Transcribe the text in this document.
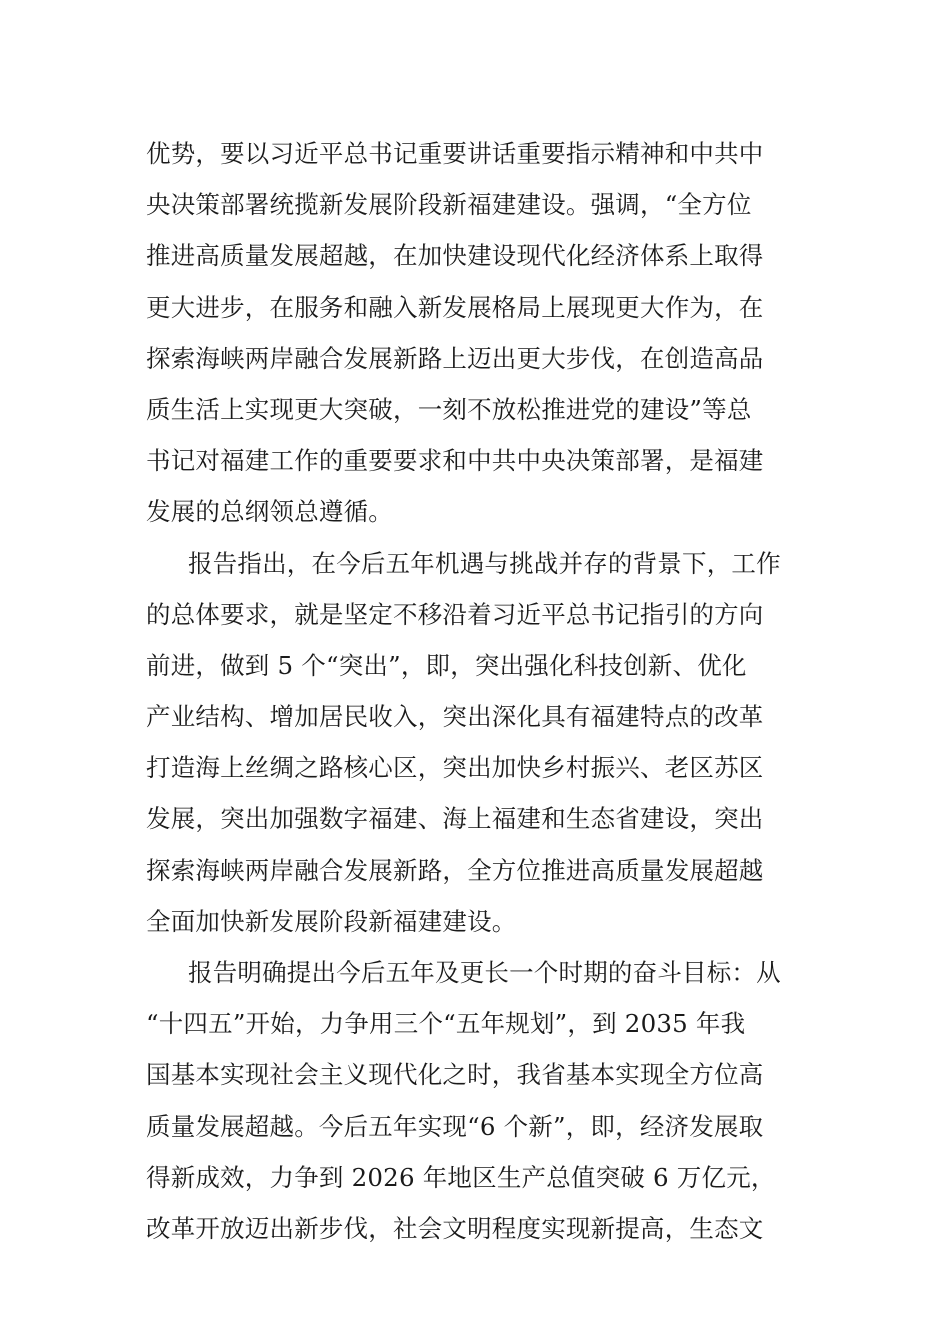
优势，要以习近平总书记重要讲话重要指示精神和中共中
央决策部署统揽新发展阶段新福建建设。强调，“全方位
推进高质量发展超越，在加快建设现代化经济体系上取得
更大进步，在服务和融入新发展格局上展现更大作为，在
探索海峡两岸融合发展新路上迈出更大步伐，在创造高品
质生活上实现更大突破，一刻不放松推进党的建设”等总
书记对福建工作的重要要求和中共中央决策部署，是福建
发展的总纲领总遵循。
报告指出，在今后五年机遇与挑战并存的背景下，工作
的总体要求，就是坚定不移沿着习近平总书记指引的方向
前进，做到 5 个“突出”，即，突出强化科技创新、优化
产业结构、增加居民收入，突出深化具有福建特点的改革
打造海上丝绸之路核心区，突出加快乡村振兴、老区苏区
发展，突出加强数字福建、海上福建和生态省建设，突出
探索海峡两岸融合发展新路，全方位推进高质量发展超越
全面加快新发展阶段新福建建设。
报告明确提出今后五年及更长一个时期的奋斗目标：从
“十四五”开始，力争用三个“五年规划”，到 2035 年我
国基本实现社会主义现代化之时，我省基本实现全方位高
质量发展超越。今后五年实现“6 个新”，即，经济发展取
得新成效，力争到 2026 年地区生产总值突破 6 万亿元，
改革开放迈出新步伐，社会文明程度实现新提高，生态文
